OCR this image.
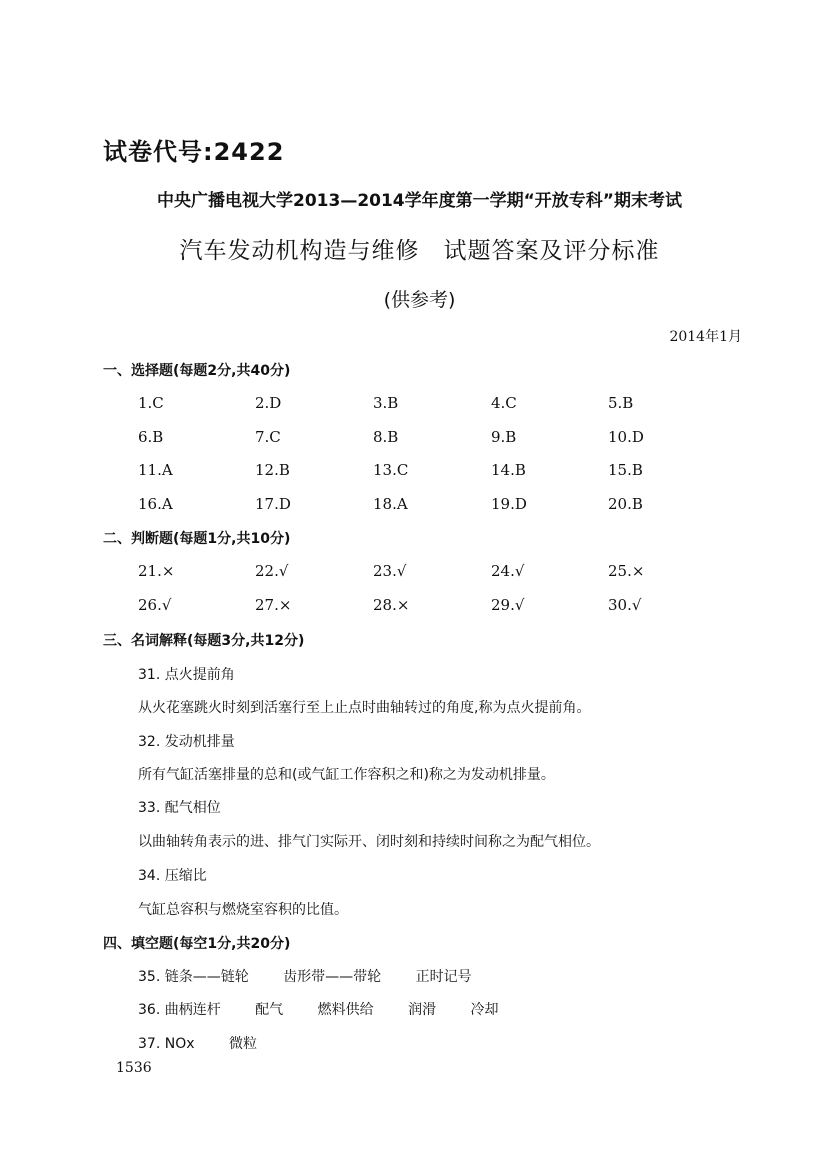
试卷代号:2422
中央广播电视大学2013—2014学年度第一学期“开放专科”期末考试
汽车发动机构造与维修　试题答案及评分标准
(供参考)
2014年1月
一、选择题(每题2分,共40分)
1.C	2.D	3.B	4.C	5.B
6.B	7.C	8.B	9.B	10.D
11.A	12.B	13.C	14.B	15.B
16.A	17.D	18.A	19.D	20.B
二、判断题(每题1分,共10分)
21.×	22.√	23.√	24.√	25.×
26.√	27.×	28.×	29.√	30.√
三、名词解释(每题3分,共12分)
31. 点火提前角
从火花塞跳火时刻到活塞行至上止点时曲轴转过的角度,称为点火提前角。
32. 发动机排量
所有气缸活塞排量的总和(或气缸工作容积之和)称之为发动机排量。
33. 配气相位
以曲轴转角表示的进、排气门实际开、闭时刻和持续时间称之为配气相位。
34. 压缩比
气缸总容积与燃烧室容积的比值。
四、填空题(每空1分,共20分)
35. 链条——链轮 齿形带——带轮 正时记号
36. 曲柄连杆 配气 燃料供给 润滑 冷却
37. NOx 微粒
1536
